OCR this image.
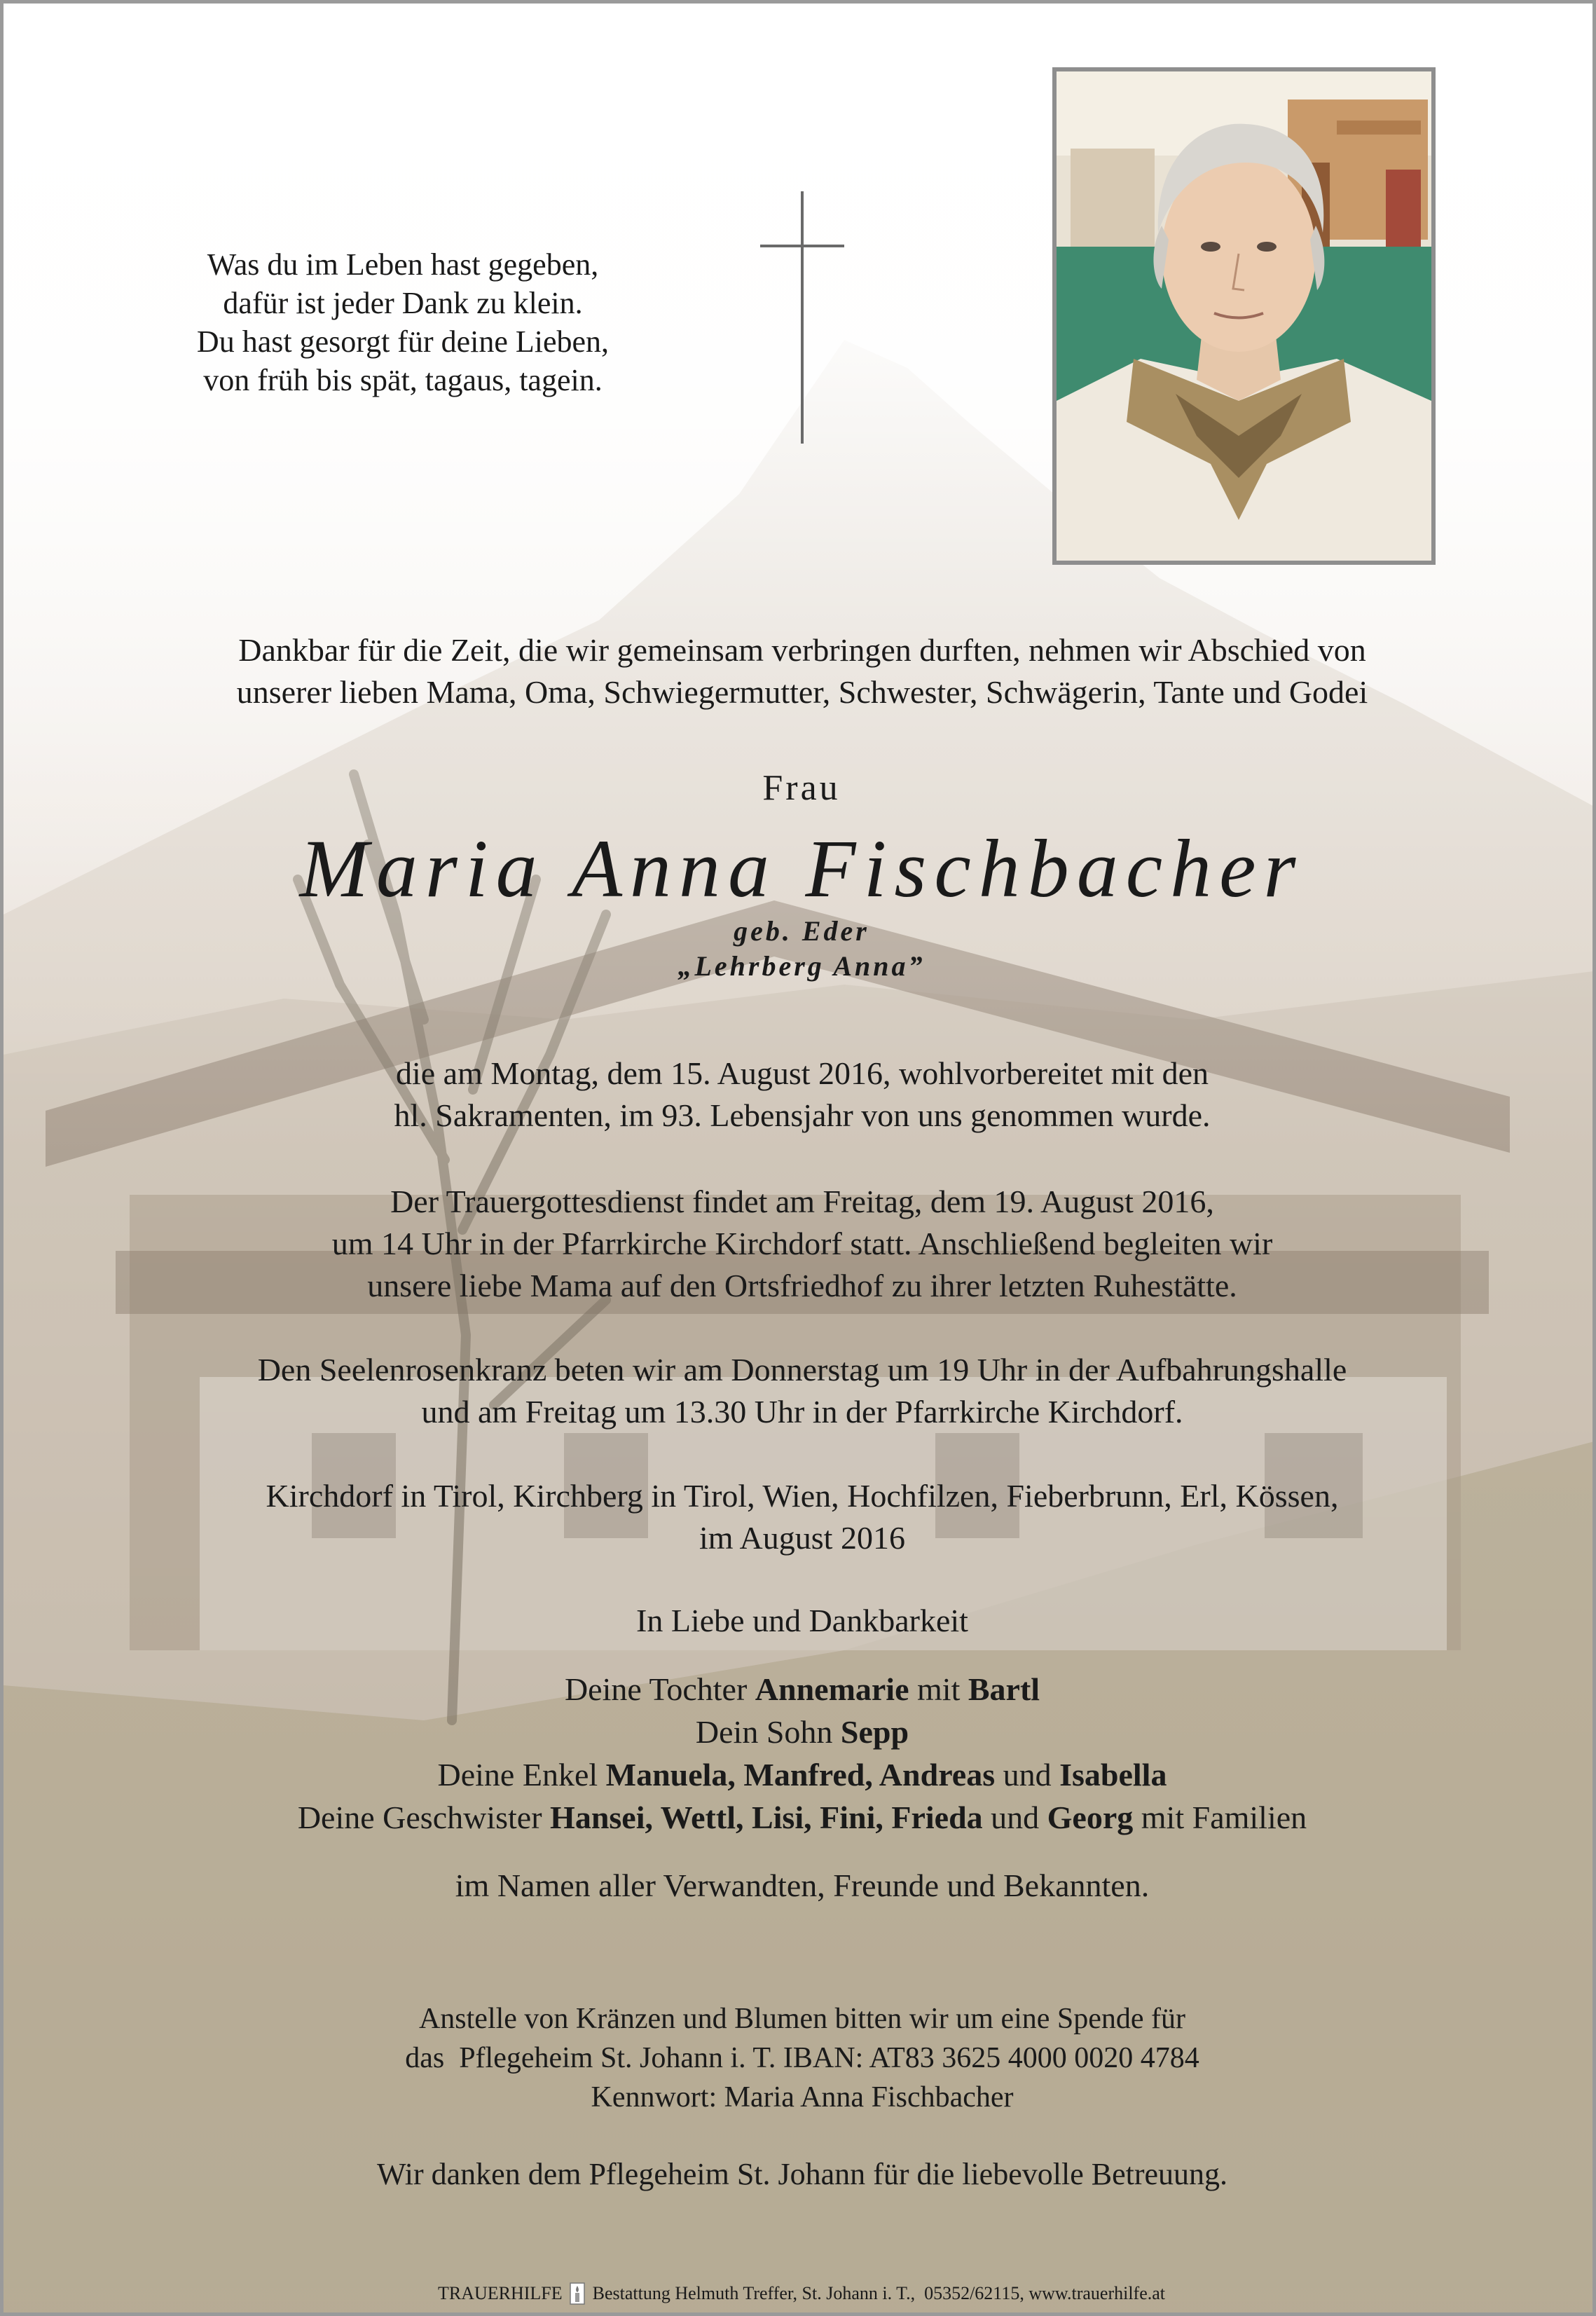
Was du im Leben hast gegeben,
dafür ist jeder Dank zu klein.
Du hast gesorgt für deine Lieben,
von früh bis spät, tagaus, tagein.
Dankbar für die Zeit, die wir gemeinsam verbringen durften, nehmen wir Abschied von
unserer lieben Mama, Oma, Schwiegermutter, Schwester, Schwägerin, Tante und Godei
Frau
Maria Anna Fischbacher
geb. Eder
„Lehrberg Anna”
die am Montag, dem 15. August 2016, wohlvorbereitet mit den
hl. Sakramenten, im 93. Lebensjahr von uns genommen wurde.
Der Trauergottesdienst findet am Freitag, dem 19. August 2016,
um 14 Uhr in der Pfarrkirche Kirchdorf statt. Anschließend begleiten wir
unsere liebe Mama auf den Ortsfriedhof zu ihrer letzten Ruhestätte.
Den Seelenrosenkranz beten wir am Donnerstag um 19 Uhr in der Aufbahrungshalle
und am Freitag um 13.30 Uhr in der Pfarrkirche Kirchdorf.
Kirchdorf in Tirol, Kirchberg in Tirol, Wien, Hochfilzen, Fieberbrunn, Erl, Kössen,
im August 2016
In Liebe und Dankbarkeit
Deine Tochter Annemarie mit Bartl
Dein Sohn Sepp
Deine Enkel Manuela, Manfred, Andreas und Isabella
Deine Geschwister Hansei, Wettl, Lisi, Fini, Frieda und Georg mit Familien
im Namen aller Verwandten, Freunde und Bekannten.
Anstelle von Kränzen und Blumen bitten wir um eine Spende für
das  Pflegeheim St. Johann i. T. IBAN: AT83 3625 4000 0020 4784
Kennwort: Maria Anna Fischbacher
Wir danken dem Pflegeheim St. Johann für die liebevolle Betreuung.
TRAUERHILFE Bestattung Helmuth Treffer, St. Johann i. T.,  05352/62115, www.trauerhilfe.at
